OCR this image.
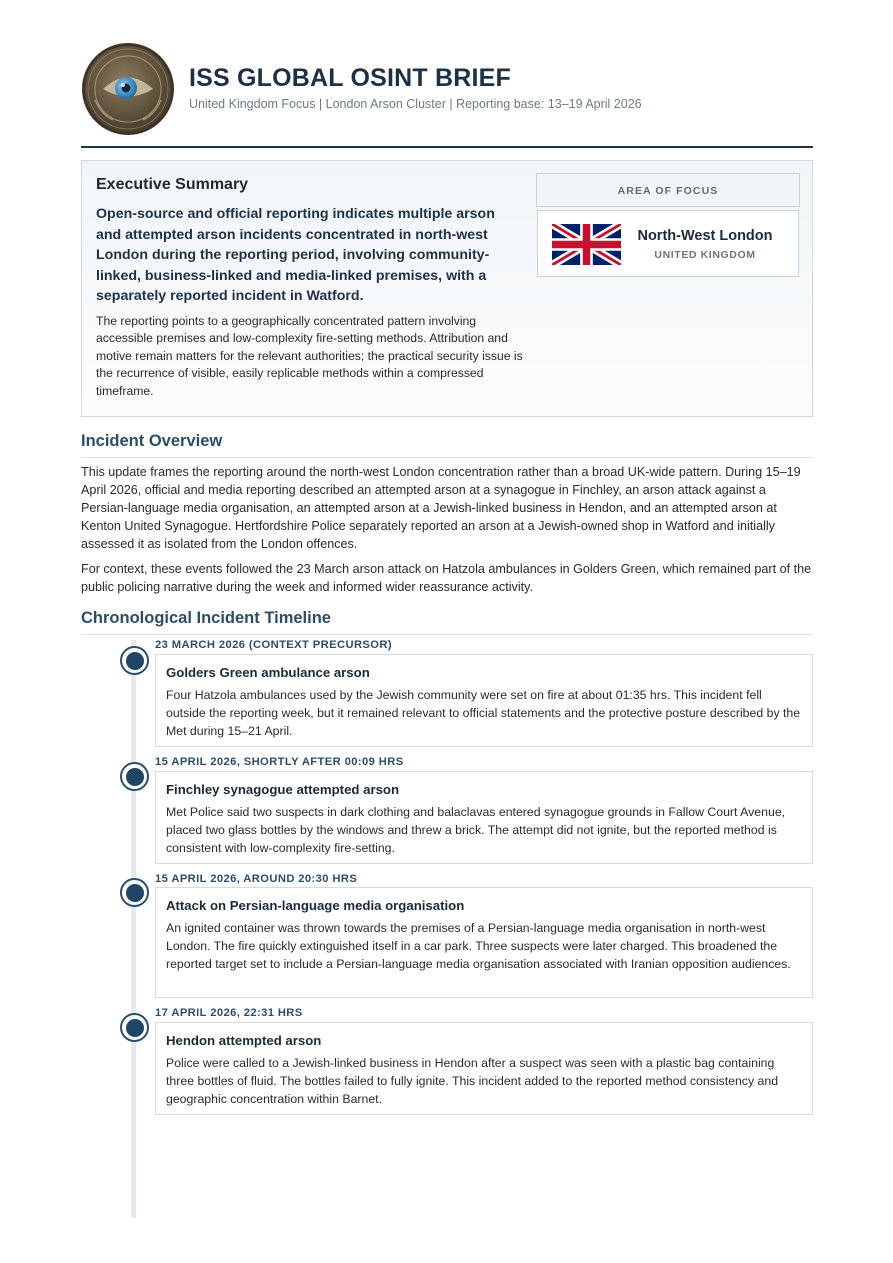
ISS GLOBAL OSINT BRIEF
United Kingdom Focus | London Arson Cluster | Reporting base: 13–19 April 2026
Executive Summary
Open-source and official reporting indicates multiple arson and attempted arson incidents concentrated in north-west London during the reporting period, involving community-linked, business-linked and media-linked premises, with a separately reported incident in Watford.
The reporting points to a geographically concentrated pattern involving accessible premises and low-complexity fire-setting methods. Attribution and motive remain matters for the relevant authorities; the practical security issue is the recurrence of visible, easily replicable methods within a compressed timeframe.
AREA OF FOCUS
North-West London
UNITED KINGDOM
Incident Overview
This update frames the reporting around the north-west London concentration rather than a broad UK-wide pattern. During 15–19 April 2026, official and media reporting described an attempted arson at a synagogue in Finchley, an arson attack against a Persian-language media organisation, an attempted arson at a Jewish-linked business in Hendon, and an attempted arson at Kenton United Synagogue. Hertfordshire Police separately reported an arson at a Jewish-owned shop in Watford and initially assessed it as isolated from the London offences.
For context, these events followed the 23 March arson attack on Hatzola ambulances in Golders Green, which remained part of the public policing narrative during the week and informed wider reassurance activity.
Chronological Incident Timeline
23 MARCH 2026 (CONTEXT PRECURSOR)
Golders Green ambulance arson
Four Hatzola ambulances used by the Jewish community were set on fire at about 01:35 hrs. This incident fell outside the reporting week, but it remained relevant to official statements and the protective posture described by the Met during 15–21 April.
15 APRIL 2026, SHORTLY AFTER 00:09 HRS
Finchley synagogue attempted arson
Met Police said two suspects in dark clothing and balaclavas entered synagogue grounds in Fallow Court Avenue, placed two glass bottles by the windows and threw a brick. The attempt did not ignite, but the reported method is consistent with low-complexity fire-setting.
15 APRIL 2026, AROUND 20:30 HRS
Attack on Persian-language media organisation
An ignited container was thrown towards the premises of a Persian-language media organisation in north-west London. The fire quickly extinguished itself in a car park. Three suspects were later charged. This broadened the reported target set to include a Persian-language media organisation associated with Iranian opposition audiences.
17 APRIL 2026, 22:31 HRS
Hendon attempted arson
Police were called to a Jewish-linked business in Hendon after a suspect was seen with a plastic bag containing three bottles of fluid. The bottles failed to fully ignite. This incident added to the reported method consistency and geographic concentration within Barnet.
